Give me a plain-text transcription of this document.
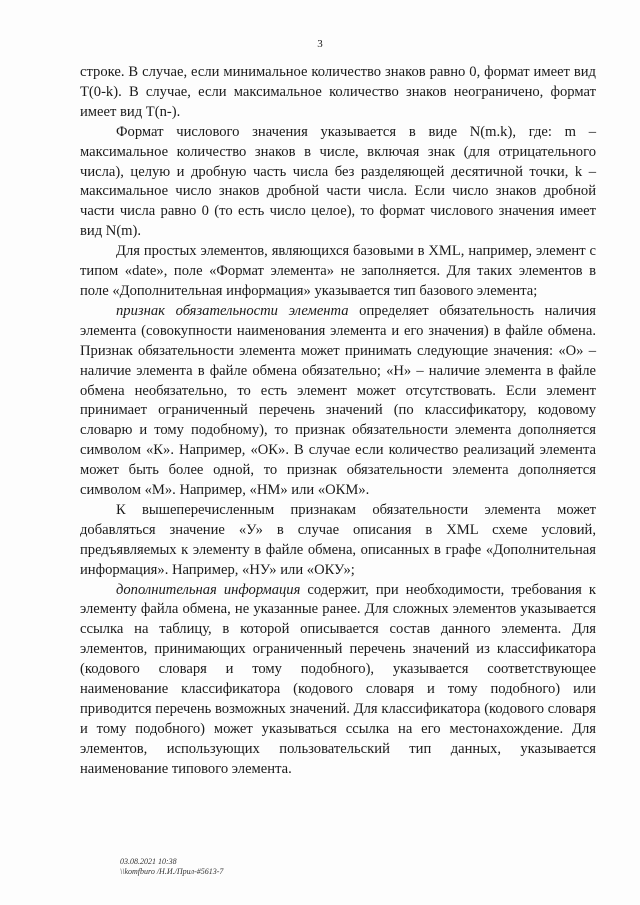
3

строке. В случае, если минимальное количество знаков равно 0, формат имеет вид T(0-k). В случае, если максимальное количество знаков неограничено, формат имеет вид T(n-).

Формат числового значения указывается в виде N(m.k), где: m – максимальное количество знаков в числе, включая знак (для отрицательного числа), целую и дробную часть числа без разделяющей десятичной точки, k – максимальное число знаков дробной части числа. Если число знаков дробной части числа равно 0 (то есть число целое), то формат числового значения имеет вид N(m).

Для простых элементов, являющихся базовыми в XML, например, элемент с типом «date», поле «Формат элемента» не заполняется. Для таких элементов в поле «Дополнительная информация» указывается тип базового элемента;

признак обязательности элемента определяет обязательность наличия элемента (совокупности наименования элемента и его значения) в файле обмена. Признак обязательности элемента может принимать следующие значения: «О» – наличие элемента в файле обмена обязательно; «Н» – наличие элемента в файле обмена необязательно, то есть элемент может отсутствовать. Если элемент принимает ограниченный перечень значений (по классификатору, кодовому словарю и тому подобному), то признак обязательности элемента дополняется символом «К». Например, «ОК». В случае если количество реализаций элемента может быть более одной, то признак обязательности элемента дополняется символом «М». Например, «НМ» или «ОКМ».

К вышеперечисленным признакам обязательности элемента может добавляться значение «У» в случае описания в XML схеме условий, предъявляемых к элементу в файле обмена, описанных в графе «Дополнительная информация». Например, «НУ» или «ОКУ»;

дополнительная информация содержит, при необходимости, требования к элементу файла обмена, не указанные ранее. Для сложных элементов указывается ссылка на таблицу, в которой описывается состав данного элемента. Для элементов, принимающих ограниченный перечень значений из классификатора (кодового словаря и тому подобного), указывается соответствующее наименование классификатора (кодового словаря и тому подобного) или приводится перечень возможных значений. Для классификатора (кодового словаря и тому подобного) может указываться ссылка на его местонахождение. Для элементов, использующих пользовательский тип данных, указывается наименование типового элемента.

03.08.2021 10:38
\\komfburo /Н.И./Прил-#5613-7
